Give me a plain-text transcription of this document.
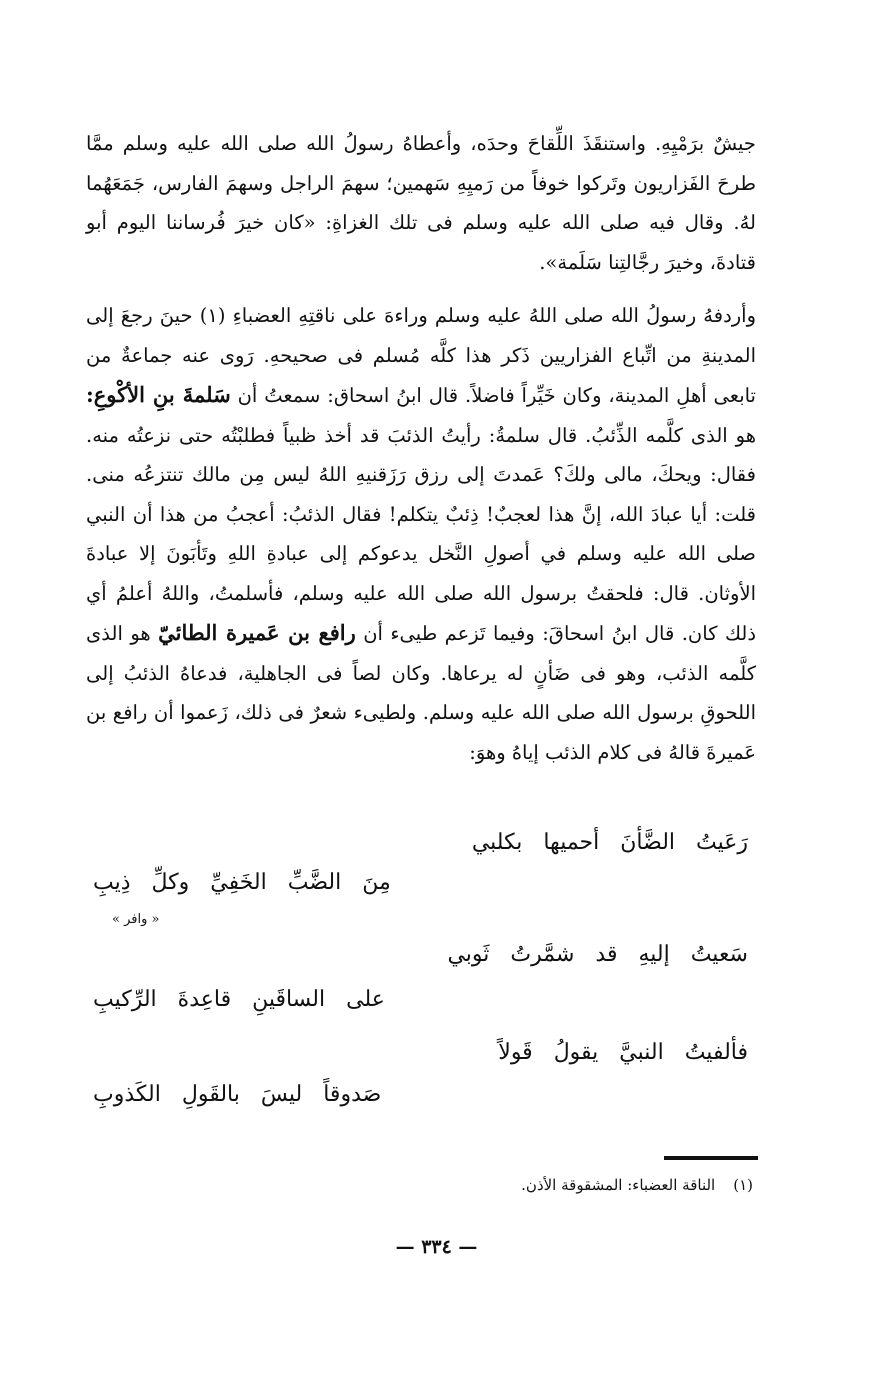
جيشٌ برَمْيِهِ. واستنقَذَ اللِّقاحَ وحدَه، وأعطاهُ رسولُ الله صلى الله عليه وسلم ممَّا طرحَ الفَزاريون وتَركوا خوفاً من رَميِهِ سَهمين؛ سهمَ الراجل وسهمَ الفارس، جَمَعَهُما لهُ. وقال فيه صلى الله عليه وسلم فى تلك الغزاةِ: «كان خيرَ فُرساننا اليوم أبو قتادةَ، وخيرَ رجَّالتِنا سَلَمة».

وأردفهُ رسولُ الله صلى اللهُ عليه وسلم وراءهَ على ناقتِهِ العضباءِ (١) حينَ رجعَ إلى المدينةِ من اتِّباع الفزاريين ذَكر هذا كلَّه مُسلم فى صحيحهِ. رَوى عنه جماعةٌ من تابعى أهلِ المدينة، وكان خَيِّراً فاضلاً. قال ابنُ اسحاق: سمعتُ أن سَلمةَ بنِ الأكْوعِ: هو الذى كلَّمه الذِّئبُ. قال سلمةُ: رأيتُ الذئبَ قد أخذ ظبياً فطلبْتُه حتى نزعتُه منه. فقال: ويحكَ، مالى ولكَ؟ عَمدتَ إلى رزق رَزَقنيهِ اللهُ ليس مِن مالك تنتزعُه منى. قلت: أيا عبادَ الله، إنَّ هذا لعجبٌ! ذِئبٌ يتكلم! فقال الذئبُ: أعجبُ من هذا أن النبي صلى الله عليه وسلم في أصولِ النَّخل يدعوكم إلى عبادةِ اللهِ وتَأبَونَ إلا عبادةَ الأوثان. قال: فلحقتُ برسول الله صلى الله عليه وسلم، فأسلمتُ، واللهُ أعلمُ أي ذلك كان. قال ابنُ اسحاقَ: وفيما تَزعم طيىء أن رافع بن عَميرة الطائيّ هو الذى كلَّمه الذئب، وهو فى ضَأنٍ له يرعاها. وكان لصاً فى الجاهلية، فدعاهُ الذئبُ إلى اللحوقِ برسول الله صلى الله عليه وسلم. ولطيىء شعرٌ فى ذلك، زَعموا أن رافع بن عَميرةَ قالهُ فى كلام الذئب إياهُ وهوَ:

رَعَيتُ الضَّأنَ أحميها بكلبي
مِنَ الضَّبِّ الخَفِيِّ وكلِّ ذِيبِ
« وافر »
سَعيتُ إليهِ قد شمَّرتُ ثَوبي
على الساقَينِ قاعِدةَ الرِّكيبِ
فألفيتُ النبيَّ يقولُ قَولاً
صَدوقاً ليسَ بالقَولِ الكَذوبِ
(١)الناقة العضباء: المشقوقة الأذن.
— ٣٣٤ —
